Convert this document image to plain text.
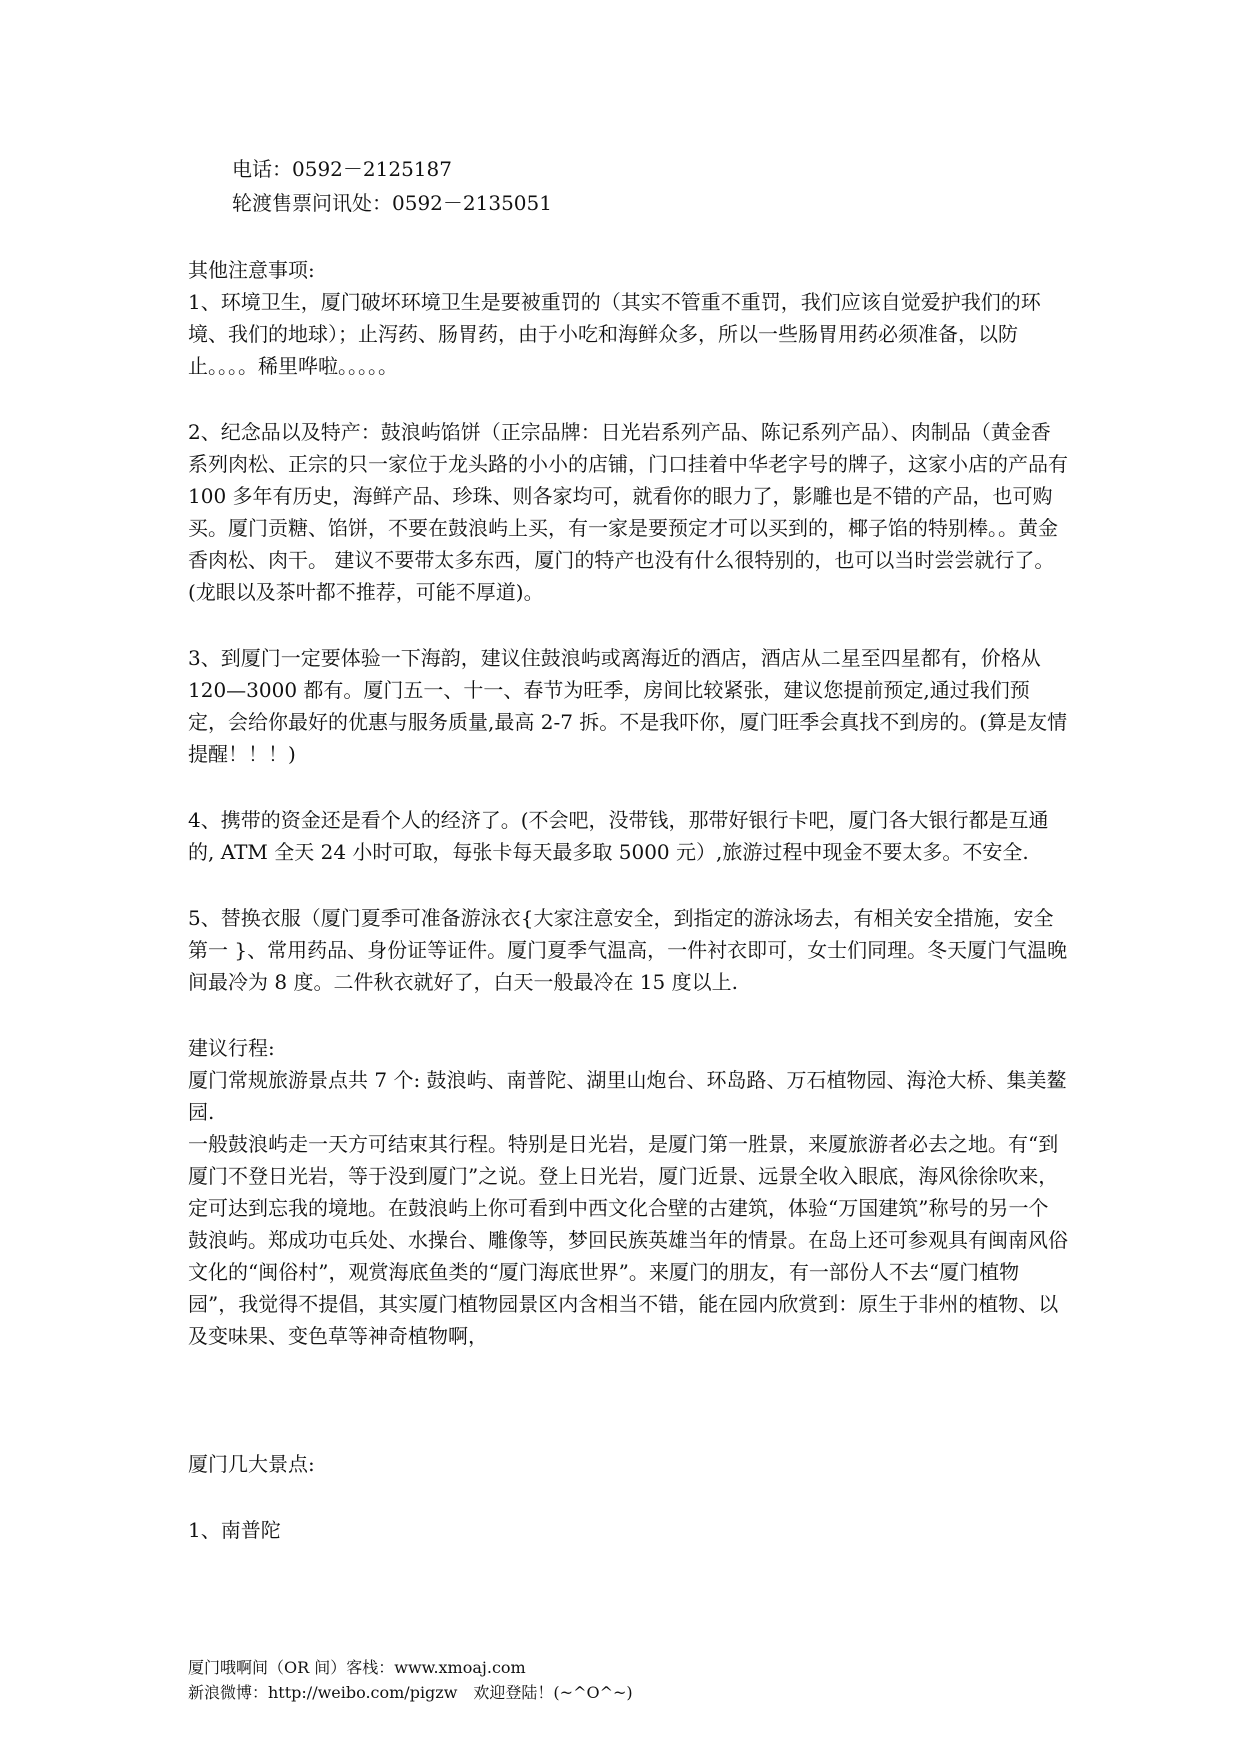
电话：0592－2125187
轮渡售票问讯处：0592－2135051

其他注意事项:

1、环境卫生，厦门破坏环境卫生是要被重罚的（其实不管重不重罚，我们应该自觉爱护我们的环境、我们的地球）；止泻药、肠胃药，由于小吃和海鲜众多，所以一些肠胃用药必须准备，以防止。。。。稀里哗啦。。。。。

2、纪念品以及特产：鼓浪屿馅饼（正宗品牌：日光岩系列产品、陈记系列产品）、肉制品（黄金香系列肉松、正宗的只一家位于龙头路的小小的店铺，门口挂着中华老字号的牌子，这家小店的产品有 100 多年有历史，海鲜产品、珍珠、则各家均可，就看你的眼力了，影雕也是不错的产品，也可购买。厦门贡糖、馅饼，不要在鼓浪屿上买，有一家是要预定才可以买到的，椰子馅的特别棒。。黄金香肉松、肉干。 建议不要带太多东西，厦门的特产也没有什么很特别的，也可以当时尝尝就行了。(龙眼以及茶叶都不推荐，可能不厚道)。

3、到厦门一定要体验一下海韵，建议住鼓浪屿或离海近的酒店，酒店从二星至四星都有，价格从 120—3000 都有。厦门五一、十一、春节为旺季，房间比较紧张，建议您提前预定,通过我们预定，会给你最好的优惠与服务质量,最高 2-7 拆。不是我吓你，厦门旺季会真找不到房的。(算是友情提醒！！！)

4、携带的资金还是看个人的经济了。(不会吧，没带钱，那带好银行卡吧，厦门各大银行都是互通的, ATM 全天 24 小时可取，每张卡每天最多取 5000 元）,旅游过程中现金不要太多。不安全.

5、替换衣服（厦门夏季可准备游泳衣{大家注意安全，到指定的游泳场去，有相关安全措施，安全第一 }、常用药品、身份证等证件。厦门夏季气温高，一件衬衣即可，女士们同理。冬天厦门气温晚间最冷为 8 度。二件秋衣就好了，白天一般最冷在 15 度以上.

建议行程:

厦门常规旅游景点共 7 个: 鼓浪屿、南普陀、湖里山炮台、环岛路、万石植物园、海沧大桥、集美鳌园.

一般鼓浪屿走一天方可结束其行程。特别是日光岩，是厦门第一胜景，来厦旅游者必去之地。有“到厦门不登日光岩，等于没到厦门”之说。登上日光岩，厦门近景、远景全收入眼底，海风徐徐吹来，定可达到忘我的境地。在鼓浪屿上你可看到中西文化合壁的古建筑，体验“万国建筑”称号的另一个鼓浪屿。郑成功屯兵处、水操台、雕像等，梦回民族英雄当年的情景。在岛上还可参观具有闽南风俗文化的“闽俗村”，观赏海底鱼类的“厦门海底世界”。来厦门的朋友，有一部份人不去“厦门植物园”，我觉得不提倡，其实厦门植物园景区内含相当不错，能在园内欣赏到：原生于非州的植物、以及变味果、变色草等神奇植物啊，

厦门几大景点:

1、南普陀

厦门哦啊间（OR 间）客栈：www.xmoaj.com
新浪微博：http://weibo.com/pigzw　欢迎登陆！(~^O^~)
